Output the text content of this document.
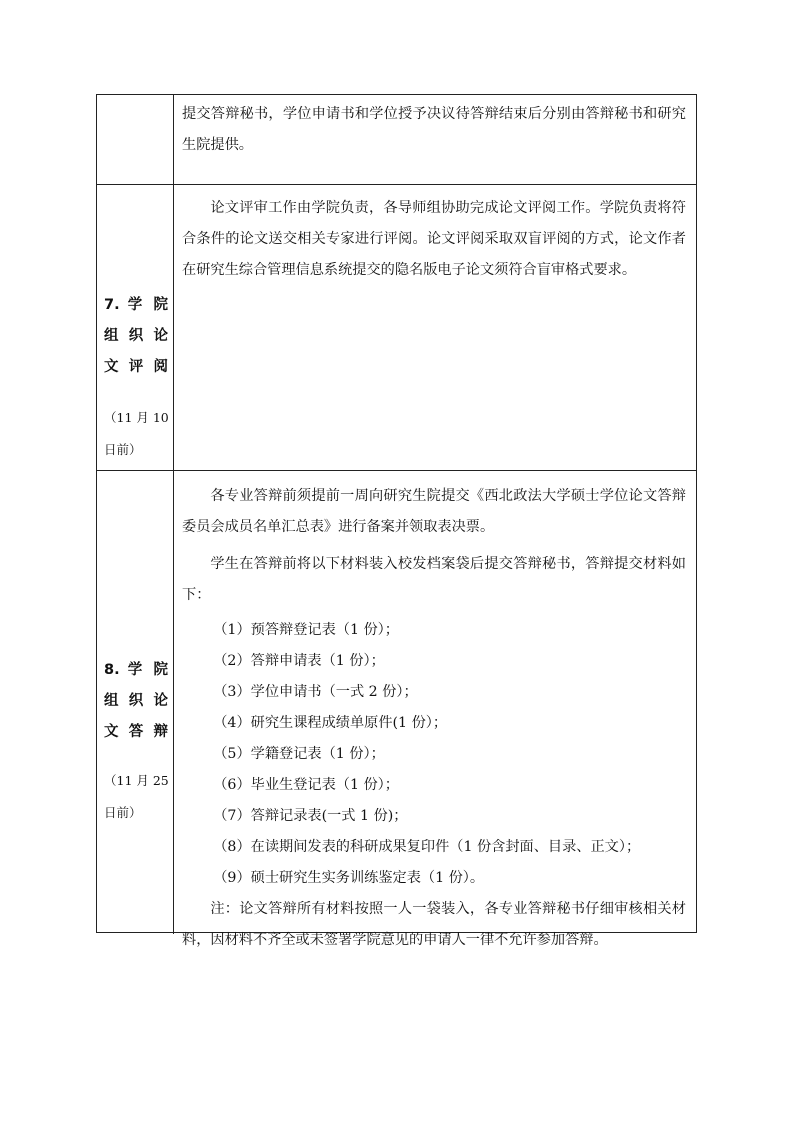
提交答辩秘书，学位申请书和学位授予决议待答辩结束后分别由答辩秘书和研究生院提供。

7. 学 院
组 织 论
文 评 阅
（11 月 10
日前）

论文评审工作由学院负责，各导师组协助完成论文评阅工作。学院负责将符合条件的论文送交相关专家进行评阅。论文评阅采取双盲评阅的方式，论文作者在研究生综合管理信息系统提交的隐名版电子论文须符合盲审格式要求。

8. 学 院
组 织 论
文 答 辩
（11 月 25
日前）

各专业答辩前须提前一周向研究生院提交《西北政法大学硕士学位论文答辩委员会成员名单汇总表》进行备案并领取表决票。

学生在答辩前将以下材料装入校发档案袋后提交答辩秘书，答辩提交材料如下：

（1）预答辩登记表（1 份）；

（2）答辩申请表（1 份）；

（3）学位申请书（一式 2 份）；

（4）研究生课程成绩单原件(1 份）；

（5）学籍登记表（1 份）；

（6）毕业生登记表（1 份）；

（7）答辩记录表(一式 1 份)；

（8）在读期间发表的科研成果复印件（1 份含封面、目录、正文）；

（9）硕士研究生实务训练鉴定表（1 份）。

注：论文答辩所有材料按照一人一袋装入，各专业答辩秘书仔细审核相关材料，因材料不齐全或未签署学院意见的申请人一律不允许参加答辩。
